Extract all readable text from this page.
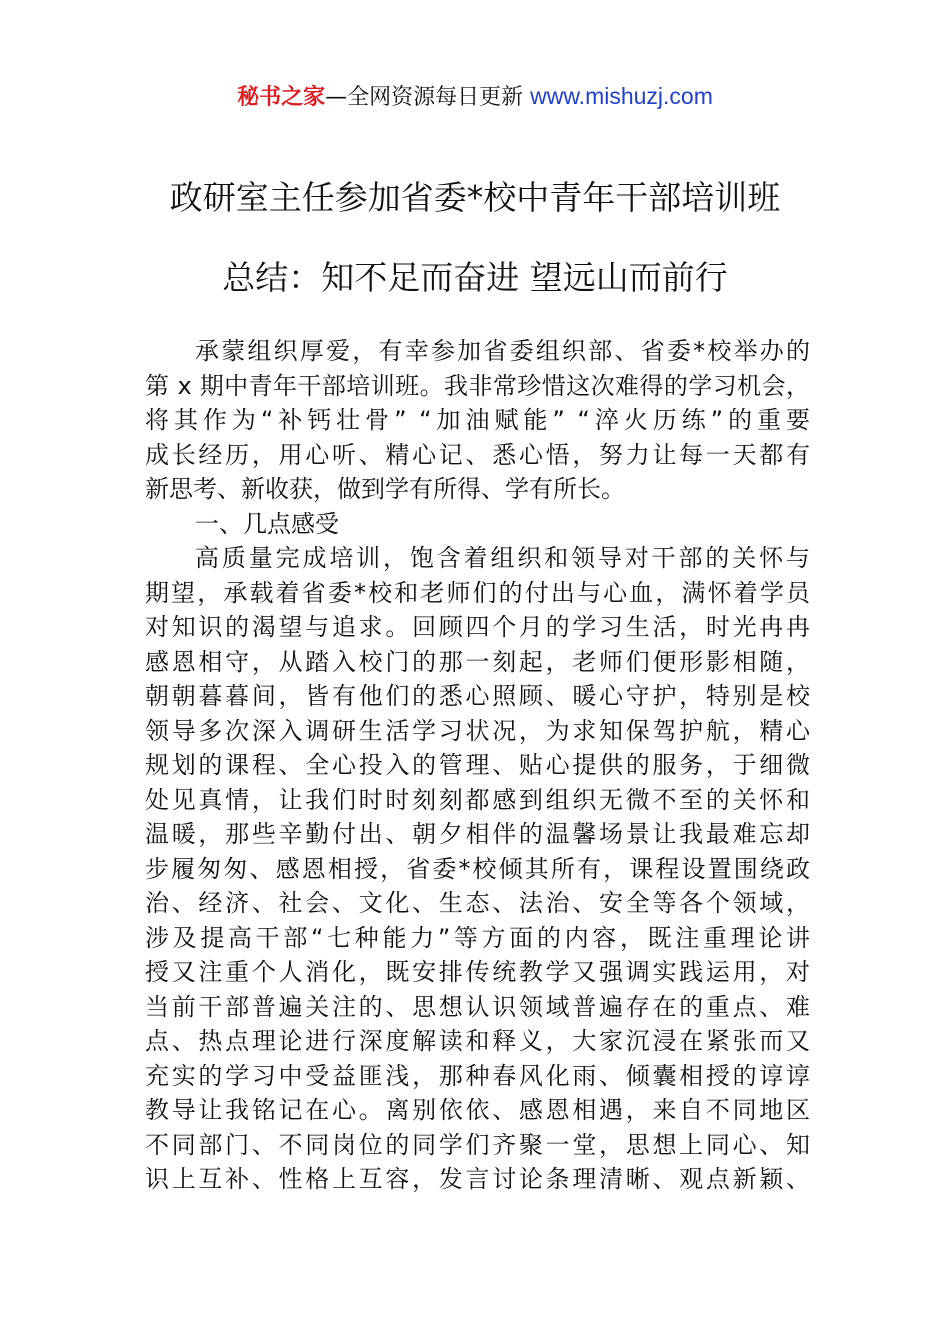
秘书之家—全网资源每日更新 www.mishuzj.com
政研室主任参加省委*校中青年干部培训班
总结：知不足而奋进 望远山而前行
承蒙组织厚爱，有幸参加省委组织部、省委*校举办的
第 x 期中青年干部培训班。我非常珍惜这次难得的学习机会，
将其作为“补钙壮骨” “加油赋能” “淬火历练”的重要
成长经历，用心听、精心记、悉心悟，努力让每一天都有
新思考、新收获，做到学有所得、学有所长。
一、几点感受
高质量完成培训，饱含着组织和领导对干部的关怀与
期望，承载着省委*校和老师们的付出与心血，满怀着学员
对知识的渴望与追求。回顾四个月的学习生活，时光冉冉
感恩相守，从踏入校门的那一刻起，老师们便形影相随，
朝朝暮暮间，皆有他们的悉心照顾、暖心守护，特别是校
领导多次深入调研生活学习状况，为求知保驾护航，精心
规划的课程、全心投入的管理、贴心提供的服务，于细微
处见真情，让我们时时刻刻都感到组织无微不至的关怀和
温暖，那些辛勤付出、朝夕相伴的温馨场景让我最难忘却
步履匆匆、感恩相授，省委*校倾其所有，课程设置围绕政
治、经济、社会、文化、生态、法治、安全等各个领域，
涉及提高干部“七种能力”等方面的内容，既注重理论讲
授又注重个人消化，既安排传统教学又强调实践运用，对
当前干部普遍关注的、思想认识领域普遍存在的重点、难
点、热点理论进行深度解读和释义，大家沉浸在紧张而又
充实的学习中受益匪浅，那种春风化雨、倾囊相授的谆谆
教导让我铭记在心。离别依依、感恩相遇，来自不同地区
不同部门、不同岗位的同学们齐聚一堂，思想上同心、知
识上互补、性格上互容，发言讨论条理清晰、观点新颖、
